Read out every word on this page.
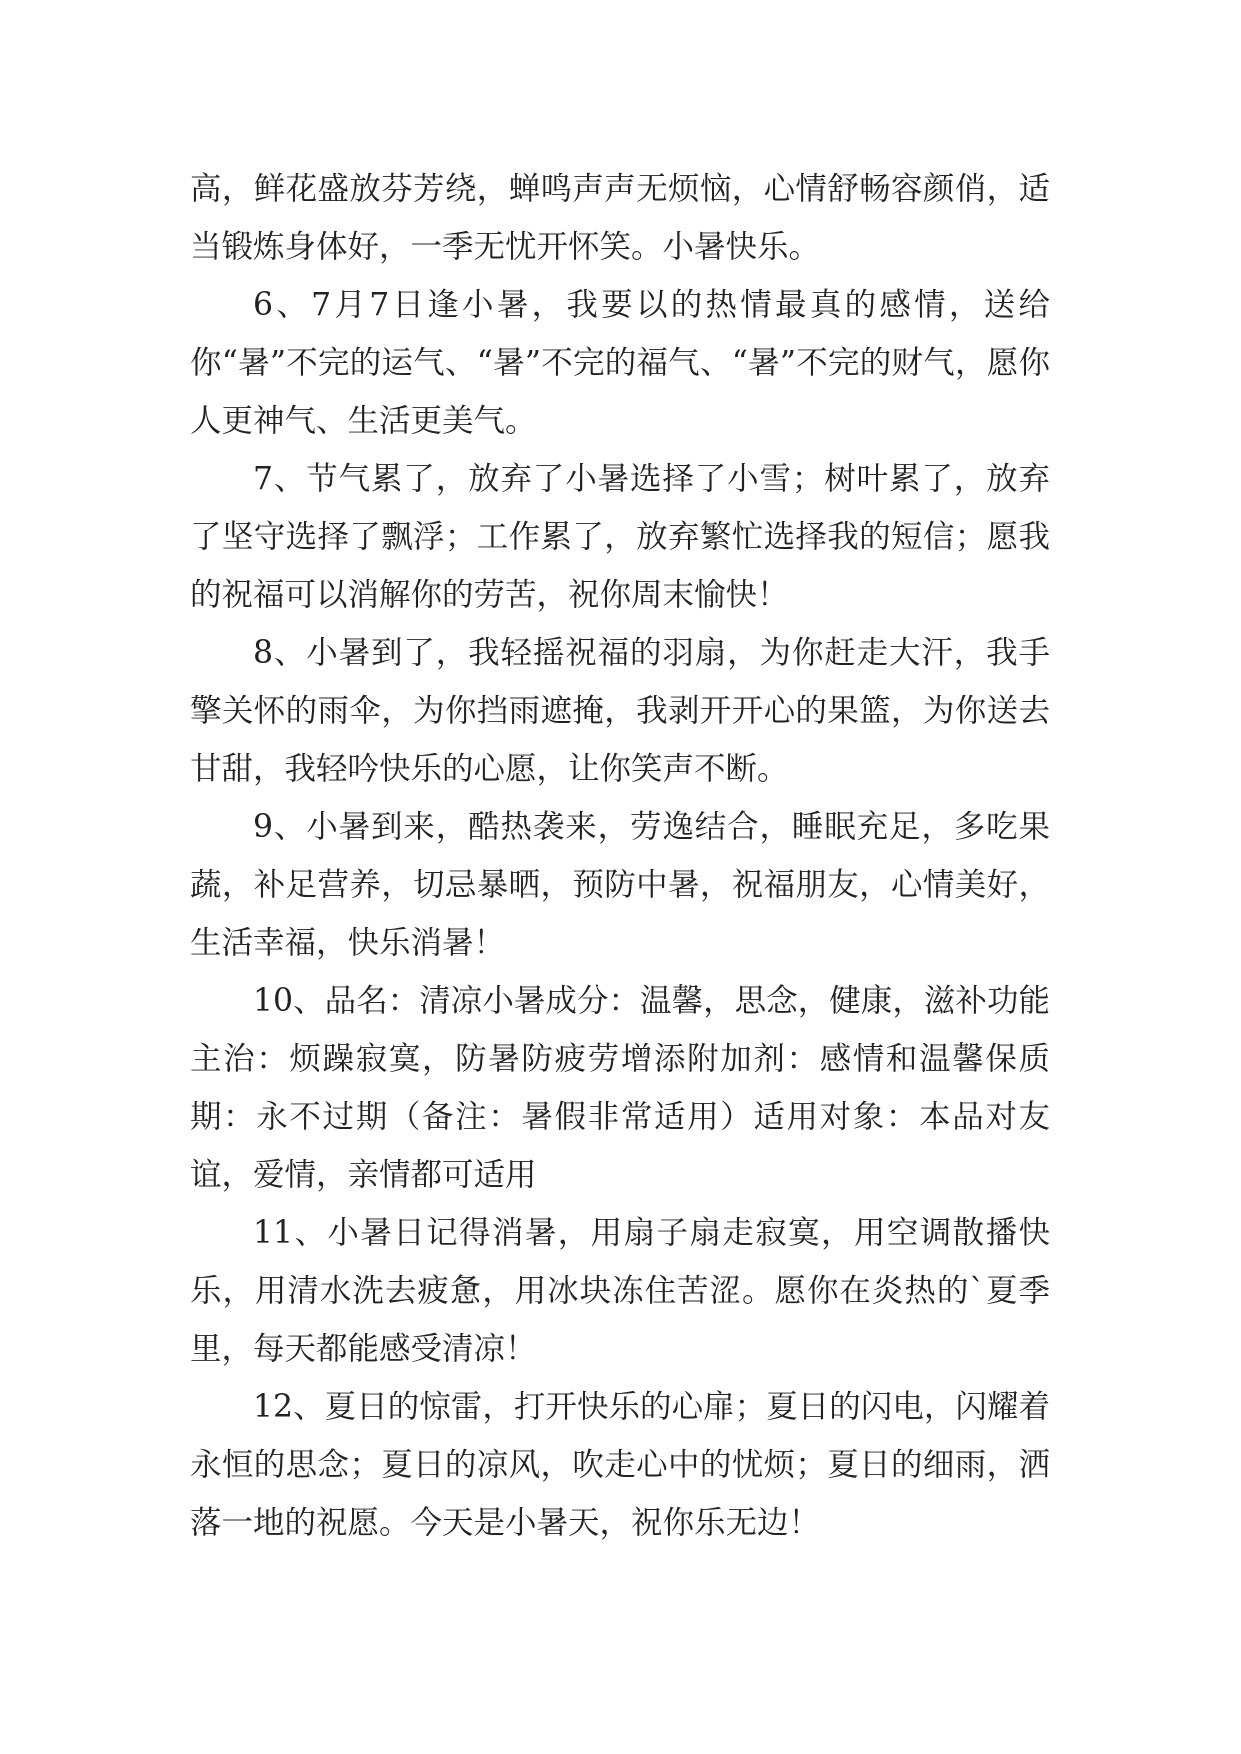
高，鲜花盛放芬芳绕，蝉鸣声声无烦恼，心情舒畅容颜俏，适当锻炼身体好，一季无忧开怀笑。小暑快乐。

6、7月7日逢小暑，我要以的热情最真的感情，送给你“暑”不完的运气、“暑”不完的福气、“暑”不完的财气，愿你人更神气、生活更美气。

7、节气累了，放弃了小暑选择了小雪；树叶累了，放弃了坚守选择了飘浮；工作累了，放弃繁忙选择我的短信；愿我的祝福可以消解你的劳苦，祝你周末愉快！

8、小暑到了，我轻摇祝福的羽扇，为你赶走大汗，我手擎关怀的雨伞，为你挡雨遮掩，我剥开开心的果篮，为你送去甘甜，我轻吟快乐的心愿，让你笑声不断。

9、小暑到来，酷热袭来，劳逸结合，睡眠充足，多吃果蔬，补足营养，切忌暴晒，预防中暑，祝福朋友，心情美好，生活幸福，快乐消暑！

10、品名：清凉小暑成分：温馨，思念，健康，滋补功能主治：烦躁寂寞，防暑防疲劳增添附加剂：感情和温馨保质期：永不过期（备注：暑假非常适用）适用对象：本品对友谊，爱情，亲情都可适用

11、小暑日记得消暑，用扇子扇走寂寞，用空调散播快乐，用清水洗去疲惫，用冰块冻住苦涩。愿你在炎热的`夏季里，每天都能感受清凉！

12、夏日的惊雷，打开快乐的心扉；夏日的闪电，闪耀着永恒的思念；夏日的凉风，吹走心中的忧烦；夏日的细雨，洒落一地的祝愿。今天是小暑天，祝你乐无边！
